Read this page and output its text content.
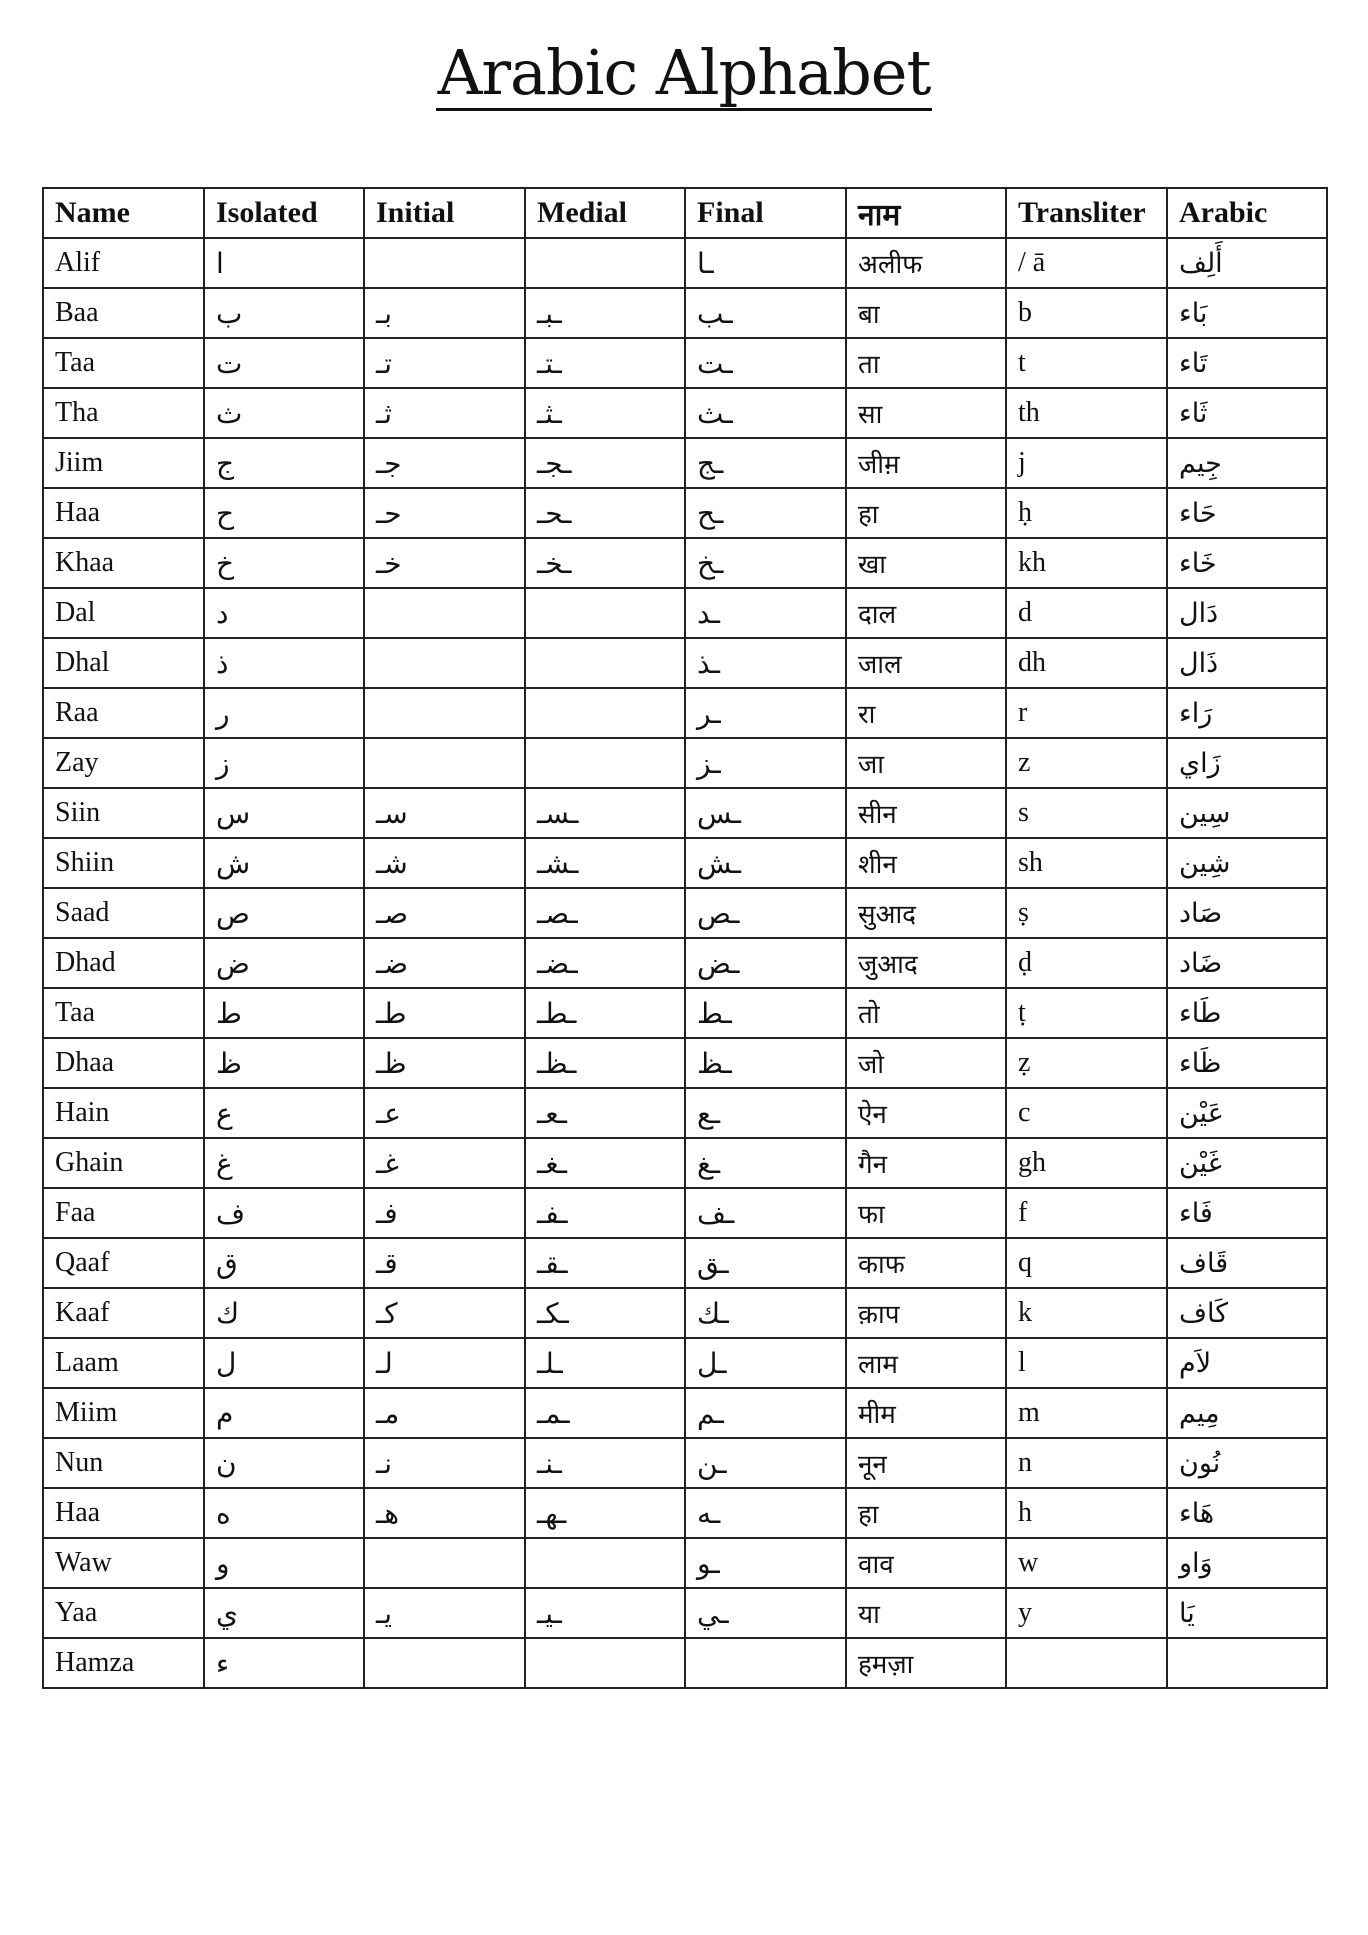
Arabic Alphabet
Name	Isolated	Initial	Medial	Final	नाम	Transliter	Arabic
Alif	ا			ـا	अलीफ	/ ā	أَلِف
Baa	ب	بـ	ـبـ	ـب	बा	b	بَاء
Taa	ت	تـ	ـتـ	ـت	ता	t	تَاء
Tha	ث	ثـ	ـثـ	ـث	सा	th	ثَاء
Jiim	ج	جـ	ـجـ	ـج	जीम़	j	جِيم
Haa	ح	حـ	ـحـ	ـح	हा	ḥ	حَاء
Khaa	خ	خـ	ـخـ	ـخ	खा	kh	خَاء
Dal	د			ـد	दाल	d	دَال
Dhal	ذ			ـذ	जाल	dh	ذَال
Raa	ر			ـر	रा	r	رَاء
Zay	ز			ـز	जा	z	زَاي
Siin	س	سـ	ـسـ	ـس	सीन	s	سِين
Shiin	ش	شـ	ـشـ	ـش	शीन	sh	شِين
Saad	ص	صـ	ـصـ	ـص	सुआद	ṣ	صَاد
Dhad	ض	ضـ	ـضـ	ـض	जुआद	ḍ	ضَاد
Taa	ط	طـ	ـطـ	ـط	तो	ṭ	طَاء
Dhaa	ظ	ظـ	ـظـ	ـظ	जो	ẓ	ظَاء
Hain	ع	عـ	ـعـ	ـع	ऐन	c	عَيْن
Ghain	غ	غـ	ـغـ	ـغ	गैन	gh	غَيْن
Faa	ف	فـ	ـفـ	ـف	फा	f	فَاء
Qaaf	ق	قـ	ـقـ	ـق	काफ	q	قَاف
Kaaf	ك	كـ	ـكـ	ـك	क़ाप	k	كَاف
Laam	ل	لـ	ـلـ	ـل	लाम	l	لاَم
Miim	م	مـ	ـمـ	ـم	मीम	m	مِيم
Nun	ن	نـ	ـنـ	ـن	नून	n	نُون
Haa	ه	هـ	ـهـ	ـه	हा	h	هَاء
Waw	و			ـو	वाव	w	وَاو
Yaa	ي	يـ	ـيـ	ـي	या	y	يَا
Hamza	ء				हमज़ा		
